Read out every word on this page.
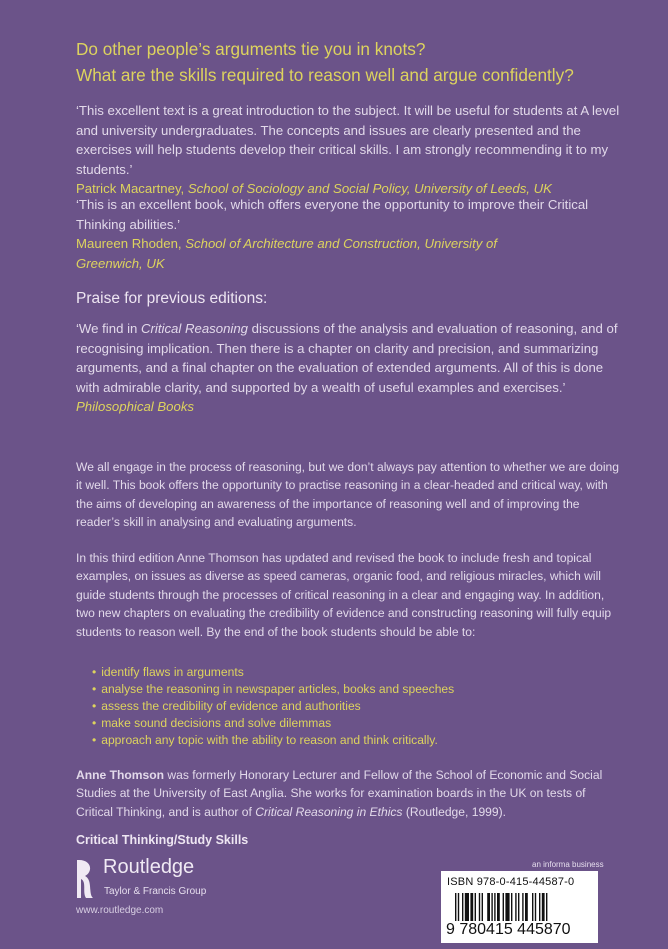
Do other people’s arguments tie you in knots?
What are the skills required to reason well and argue confidently?
‘This excellent text is a great introduction to the subject. It will be useful for students at A level and university undergraduates. The concepts and issues are clearly presented and the exercises will help students develop their critical skills. I am strongly recommending it to my students.’
Patrick Macartney, School of Sociology and Social Policy, University of Leeds, UK
‘This is an excellent book, which offers everyone the opportunity to improve their Critical Thinking abilities.’
Maureen Rhoden, School of Architecture and Construction, University of Greenwich, UK
Praise for previous editions:
‘We find in Critical Reasoning discussions of the analysis and evaluation of reasoning, and of recognising implication. Then there is a chapter on clarity and precision, and summarizing arguments, and a final chapter on the evaluation of extended arguments. All of this is done with admirable clarity, and supported by a wealth of useful examples and exercises.’
Philosophical Books
We all engage in the process of reasoning, but we don’t always pay attention to whether we are doing it well. This book offers the opportunity to practise reasoning in a clear-headed and critical way, with the aims of developing an awareness of the importance of reasoning well and of improving the reader’s skill in analysing and evaluating arguments.
In this third edition Anne Thomson has updated and revised the book to include fresh and topical examples, on issues as diverse as speed cameras, organic food, and religious miracles, which will guide students through the processes of critical reasoning in a clear and engaging way. In addition, two new chapters on evaluating the credibility of evidence and constructing reasoning will fully equip students to reason well. By the end of the book students should be able to:
• identify flaws in arguments
• analyse the reasoning in newspaper articles, books and speeches
• assess the credibility of evidence and authorities
• make sound decisions and solve dilemmas
• approach any topic with the ability to reason and think critically.
Anne Thomson was formerly Honorary Lecturer and Fellow of the School of Economic and Social Studies at the University of East Anglia. She works for examination boards in the UK on tests of Critical Thinking, and is author of Critical Reasoning in Ethics (Routledge, 1999).
Critical Thinking/Study Skills
Routledge
Taylor & Francis Group
www.routledge.com
an informa business
ISBN 978-0-415-44587-0
9 780415 445870
